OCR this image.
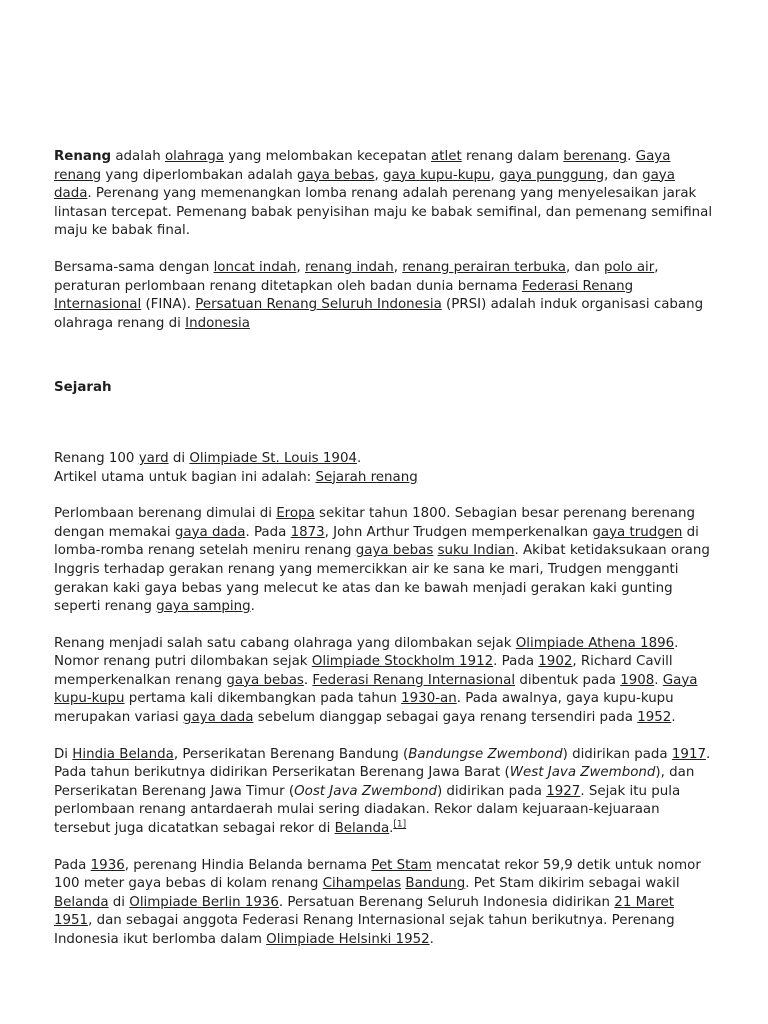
Renang adalah olahraga yang melombakan kecepatan atlet renang dalam berenang. Gaya renang yang diperlombakan adalah gaya bebas, gaya kupu-kupu, gaya punggung, dan gaya dada. Perenang yang memenangkan lomba renang adalah perenang yang menyelesaikan jarak lintasan tercepat. Pemenang babak penyisihan maju ke babak semifinal, dan pemenang semifinal maju ke babak final.

Bersama-sama dengan loncat indah, renang indah, renang perairan terbuka, dan polo air, peraturan perlombaan renang ditetapkan oleh badan dunia bernama Federasi Renang Internasional (FINA). Persatuan Renang Seluruh Indonesia (PRSI) adalah induk organisasi cabang olahraga renang di Indonesia

Sejarah

Renang 100 yard di Olimpiade St. Louis 1904.
Artikel utama untuk bagian ini adalah: Sejarah renang

Perlombaan berenang dimulai di Eropa sekitar tahun 1800. Sebagian besar perenang berenang dengan memakai gaya dada. Pada 1873, John Arthur Trudgen memperkenalkan gaya trudgen di lomba-romba renang setelah meniru renang gaya bebas suku Indian. Akibat ketidaksukaan orang Inggris terhadap gerakan renang yang memercikkan air ke sana ke mari, Trudgen mengganti gerakan kaki gaya bebas yang melecut ke atas dan ke bawah menjadi gerakan kaki gunting seperti renang gaya samping.

Renang menjadi salah satu cabang olahraga yang dilombakan sejak Olimpiade Athena 1896. Nomor renang putri dilombakan sejak Olimpiade Stockholm 1912. Pada 1902, Richard Cavill memperkenalkan renang gaya bebas. Federasi Renang Internasional dibentuk pada 1908. Gaya kupu-kupu pertama kali dikembangkan pada tahun 1930-an. Pada awalnya, gaya kupu-kupu merupakan variasi gaya dada sebelum dianggap sebagai gaya renang tersendiri pada 1952.

Di Hindia Belanda, Perserikatan Berenang Bandung (Bandungse Zwembond) didirikan pada 1917. Pada tahun berikutnya didirikan Perserikatan Berenang Jawa Barat (West Java Zwembond), dan Perserikatan Berenang Jawa Timur (Oost Java Zwembond) didirikan pada 1927. Sejak itu pula perlombaan renang antardaerah mulai sering diadakan. Rekor dalam kejuaraan-kejuaraan tersebut juga dicatatkan sebagai rekor di Belanda.[1]

Pada 1936, perenang Hindia Belanda bernama Pet Stam mencatat rekor 59,9 detik untuk nomor 100 meter gaya bebas di kolam renang Cihampelas Bandung. Pet Stam dikirim sebagai wakil Belanda di Olimpiade Berlin 1936. Persatuan Berenang Seluruh Indonesia didirikan 21 Maret 1951, dan sebagai anggota Federasi Renang Internasional sejak tahun berikutnya. Perenang Indonesia ikut berlomba dalam Olimpiade Helsinki 1952.
